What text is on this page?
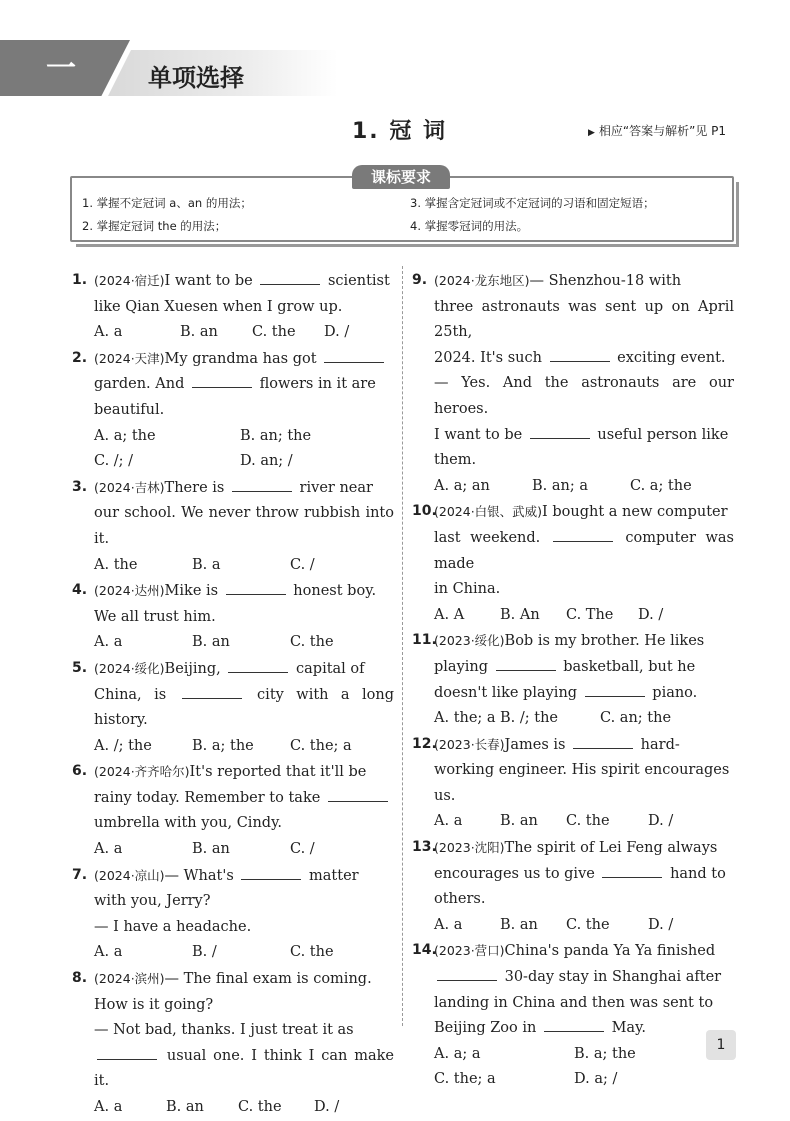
一	单项选择
1. 冠 词	▶ 相应“答案与解析”见 P1
课标要求
1. 掌握不定冠词 a、an 的用法；	3. 掌握含定冠词或不定冠词的习语和固定短语；
2. 掌握定冠词 the 的用法；	4. 掌握零冠词的用法。
1. (2024·宿迁)I want to be	scientist
like Qian Xuesen when I grow up.
A. a	B. an	C. the	D. /
2. (2024·天津)My grandma has got
garden. And	flowers in it are
beautiful.
A. a; the	B. an; the
C. /; /	D. an; /
3. (2024·吉林)There is	river near
our school. We never throw rubbish into it.
A. the	B. a	C. /
4. (2024·达州)Mike is	honest boy.
We all trust him.
A. a	B. an	C. the
5. (2024·绥化)Beijing,	capital of
China, is	city with a long history.
A. /; the	B. a; the	C. the; a
6. (2024·齐齐哈尔)It's reported that it'll be
rainy today. Remember to take
umbrella with you, Cindy.
A. a	B. an	C. /
7. (2024·凉山)— What's	matter
with you, Jerry?
— I have a headache.
A. a	B. /	C. the
8. (2024·滨州)— The final exam is coming.
How is it going?
— Not bad, thanks. I just treat it as
usual one. I think I can make it.
A. a	B. an	C. the	D. /
9. (2024·龙东地区)— Shenzhou-18 with
three astronauts was sent up on April 25th,
2024. It's such	exciting event.
— Yes. And the astronauts are our heroes.
I want to be	useful person like
them.
A. a; an	B. an; a	C. a; the
10.
(2024·白银、武威)I bought a new computer
last weekend.	computer was made
in China.
A. A	B. An	C. The	D. /
11.
(2023·绥化)Bob is my brother. He likes
playing	basketball, but he
doesn't like playing	piano.
A. the; a B. /; the	C. an; the
12.
(2023·长春)James is	hard-
working engineer. His spirit encourages
us.
A. a	B. an	C. the	D. /
13.
(2023·沈阳)The spirit of Lei Feng always
encourages us to give	hand to
others.
A. a	B. an	C. the	D. /
14.
(2023·营口)China's panda Ya Ya finished
30-day stay in Shanghai after
landing in China and then was sent to
Beijing Zoo in	May.
A. a; a	B. a; the
C. the; a	D. a; /
1
